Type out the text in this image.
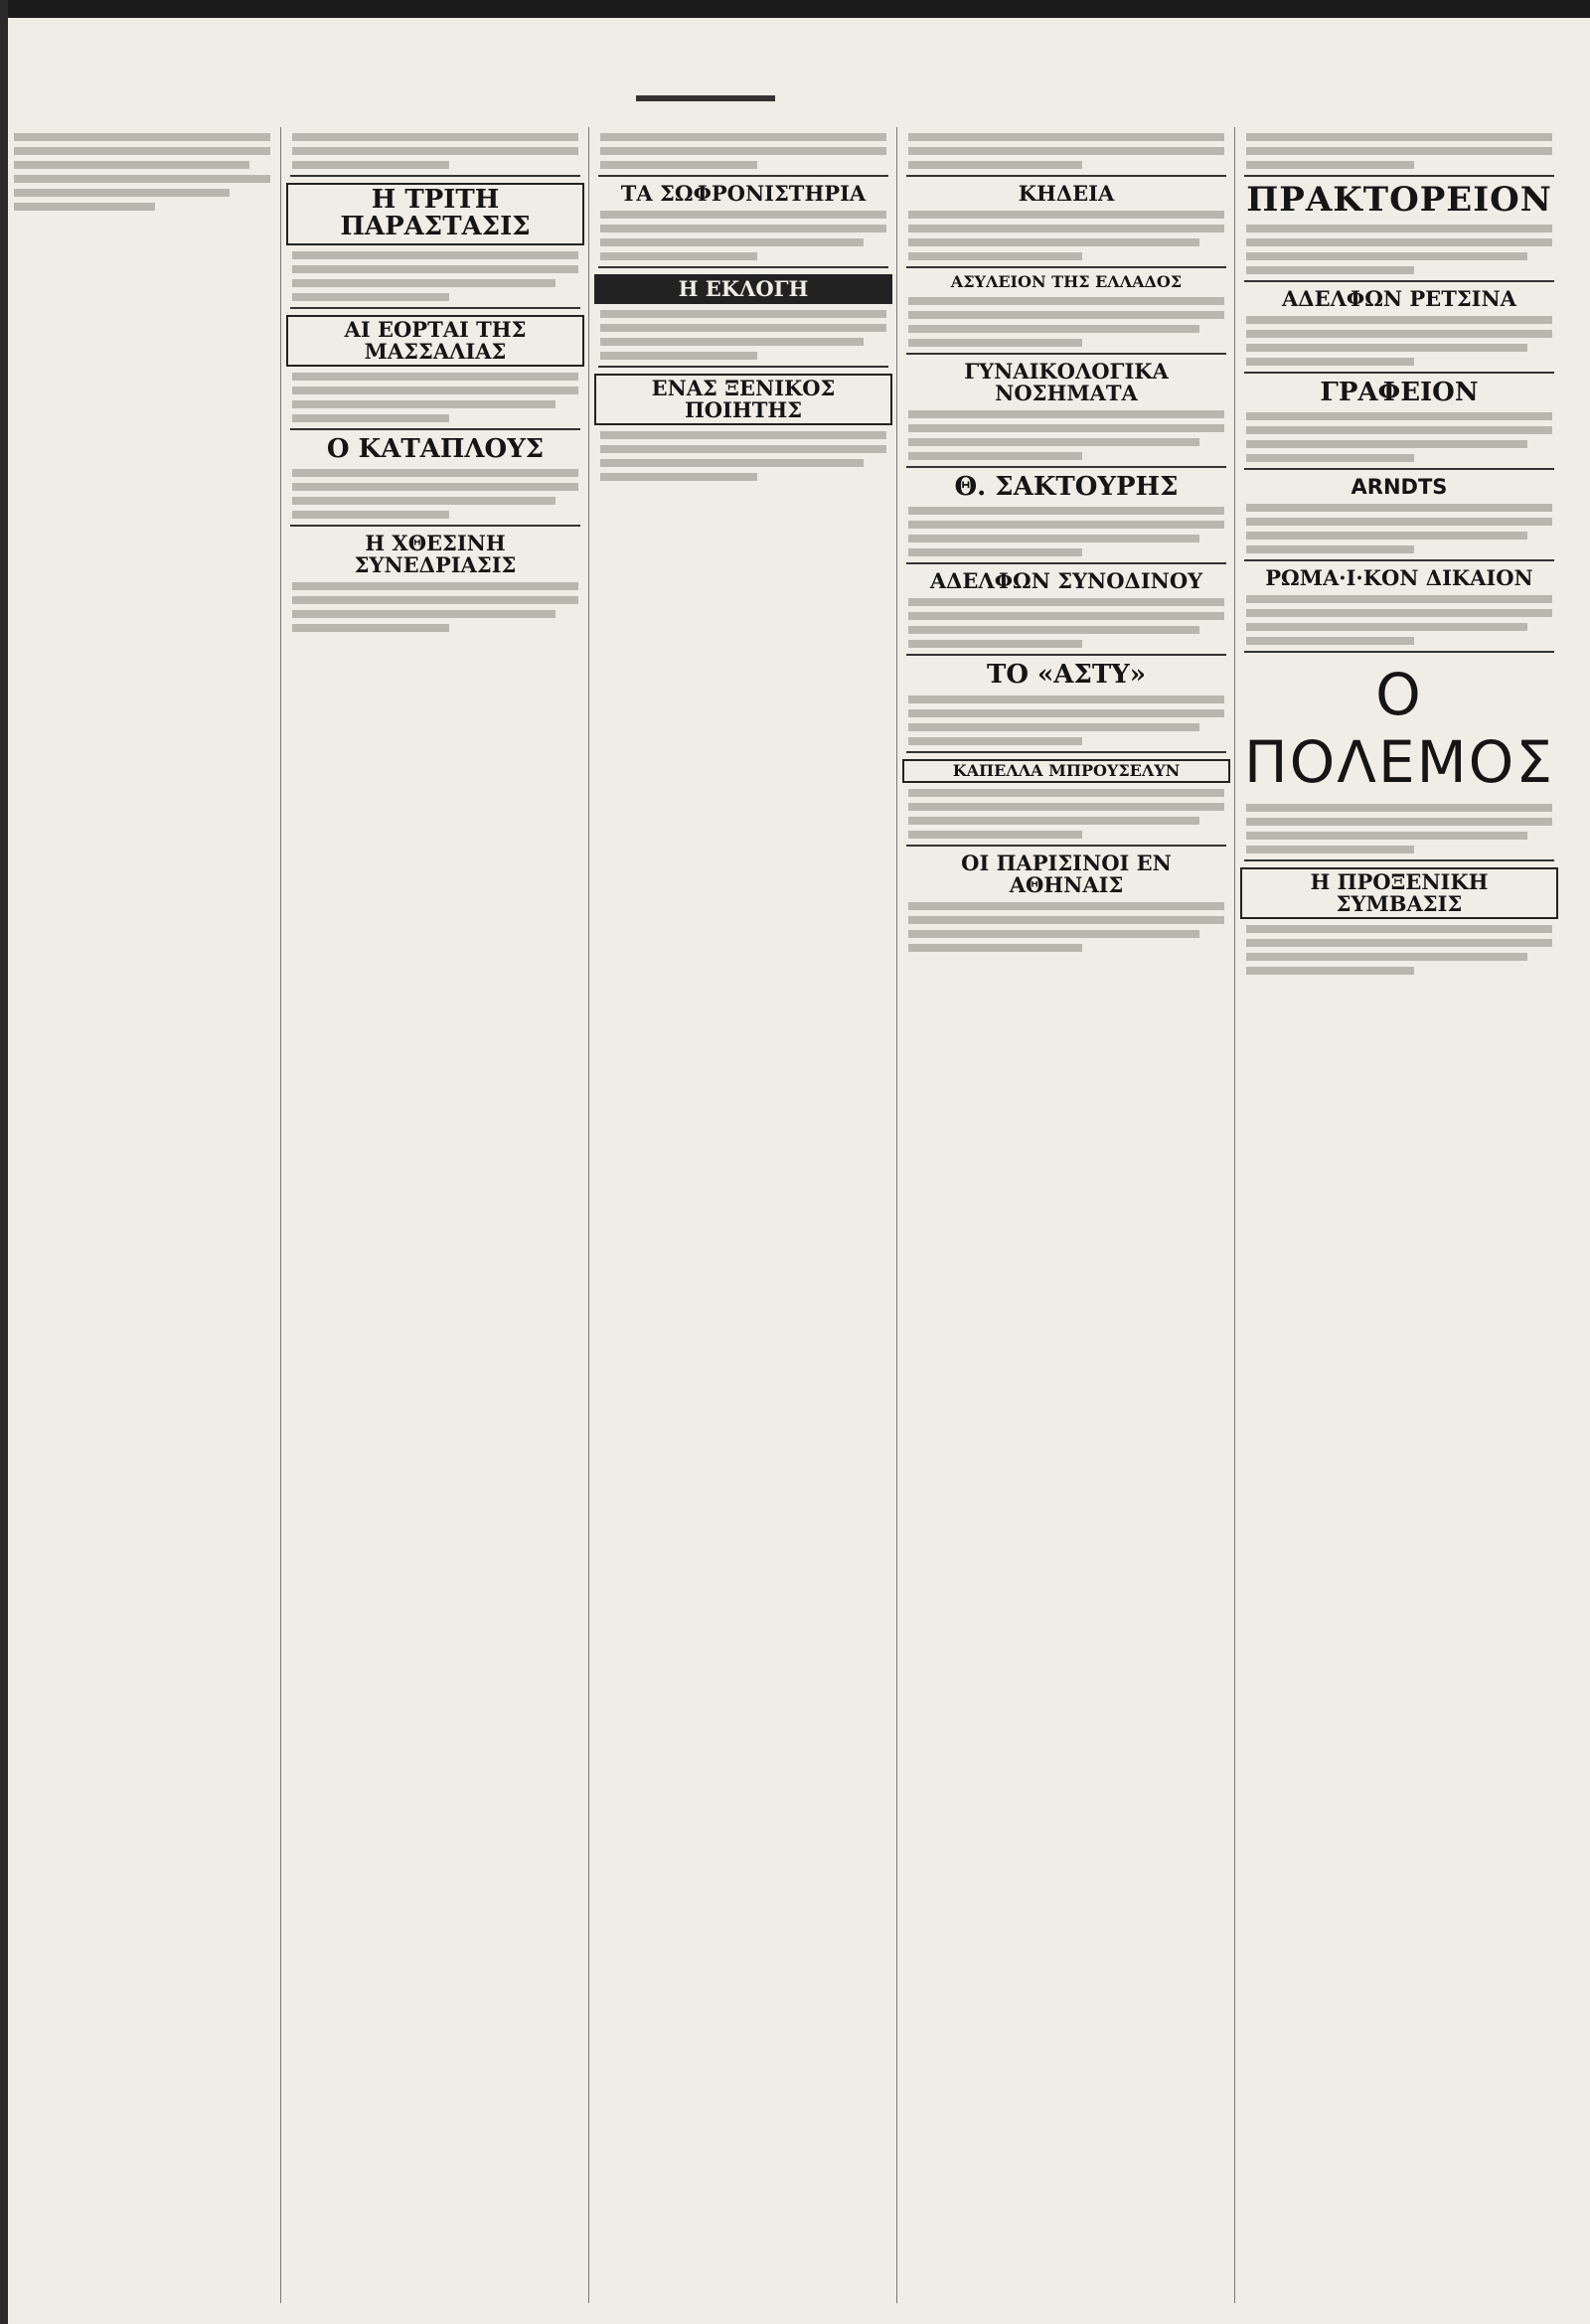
Η ΤΡΙΤΗ ΠΑΡΑΣΤΑΣΙΣ
ΑΙ ΕΟΡΤΑΙ ΤΗΣ ΜΑΣΣΑΛΙΑΣ
Ο ΚΑΤΑΠΛΟΥΣ
Η ΧΘΕΣΙΝΗ ΣΥΝΕΔΡΙΑΣΙΣ
ΤΑ ΣΩΦΡΟΝΙΣΤΗΡΙΑ
Η ΕΚΛΟΓΗ
ΕΝΑΣ ΞΕΝΙΚΟΣ ΠΟΙΗΤΗΣ
ΚΗΔΕΙΑ
ΑΣΥΛΕΙΟΝ ΤΗΣ ΕΛΛΑΔΟΣ
ΓΥΝΑΙΚΟΛΟΓΙΚΑ ΝΟΣΗΜΑΤΑ
Θ. ΣΑΚΤΟΥΡΗΣ
ΑΔΕΛΦΩΝ ΣΥΝΟΔΙΝΟΥ
ΤΟ «ΑΣΤΥ»
ΚΑΠΕΛΛΑ ΜΠΡΟΥΣΕΛΥΝ
ΟΙ ΠΑΡΙΣΙΝΟΙ ΕΝ ΑΘΗΝΑΙΣ
ΠΡΑΚΤΟΡΕΙΟΝ
ΑΔΕΛΦΩΝ ΡΕΤΣΙΝΑ
ΓΡΑΦΕΙΟΝ
ARNDTS
ΡΩΜΑ·Ι·ΚΟΝ ΔΙΚΑΙΟΝ
Ο ΠΟΛΕΜΟΣ
Η ΠΡΟΞΕΝΙΚΗ ΣΥΜΒΑΣΙΣ
